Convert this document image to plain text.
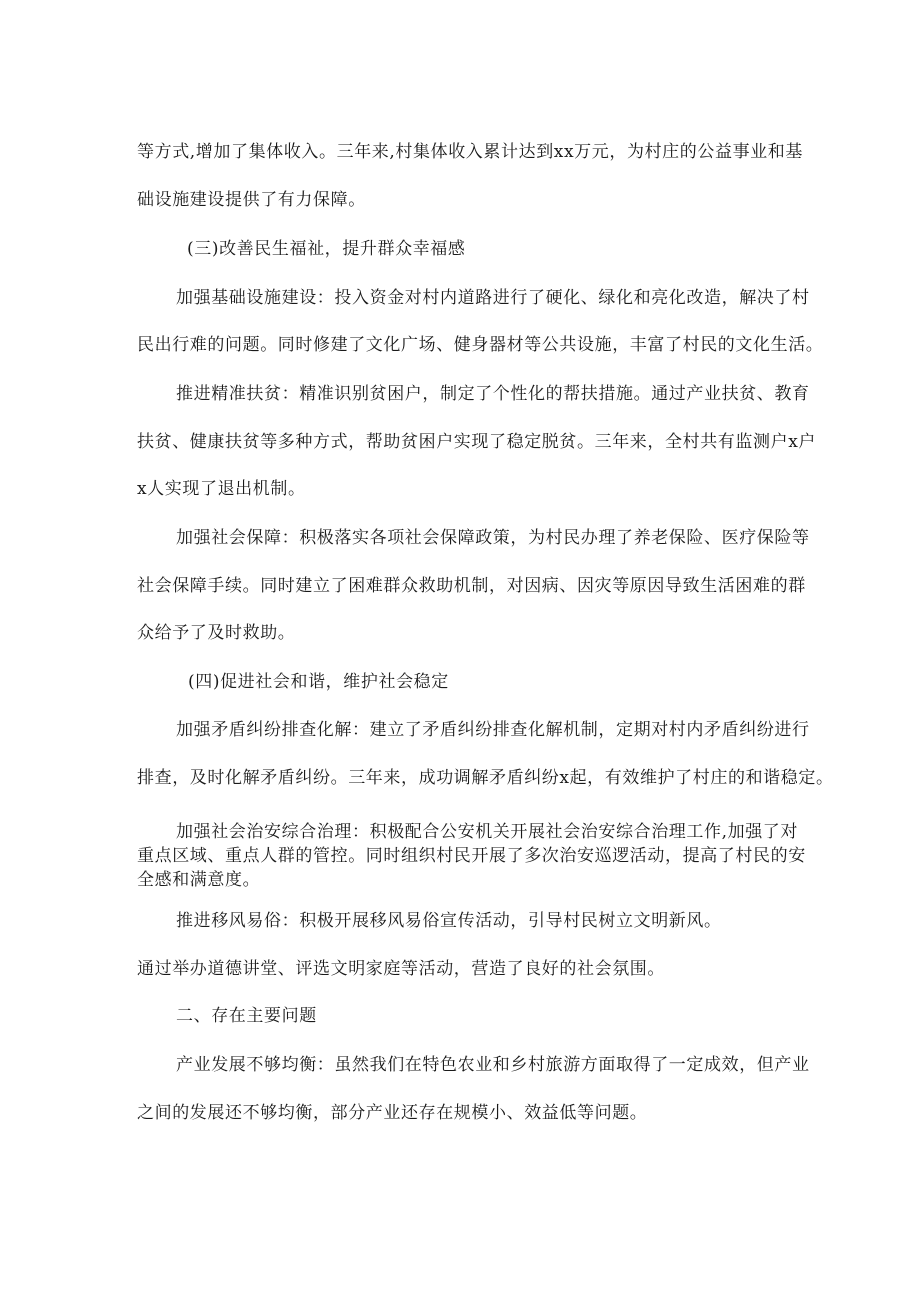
等方式,增加了集体收入。三年来,村集体收入累计达到xx万元，为村庄的公益事业和基
础设施建设提供了有力保障。
(三)改善民生福祉，提升群众幸福感
加强基础设施建设：投入资金对村内道路进行了硬化、绿化和亮化改造，解决了村
民出行难的问题。同时修建了文化广场、健身器材等公共设施，丰富了村民的文化生活。
推进精准扶贫：精准识别贫困户，制定了个性化的帮扶措施。通过产业扶贫、教育
扶贫、健康扶贫等多种方式，帮助贫困户实现了稳定脱贫。三年来，全村共有监测户x户
x人实现了退出机制。
加强社会保障：积极落实各项社会保障政策，为村民办理了养老保险、医疗保险等
社会保障手续。同时建立了困难群众救助机制，对因病、因灾等原因导致生活困难的群
众给予了及时救助。
(四)促进社会和谐，维护社会稳定
加强矛盾纠纷排查化解：建立了矛盾纠纷排查化解机制，定期对村内矛盾纠纷进行
排查，及时化解矛盾纠纷。三年来，成功调解矛盾纠纷x起，有效维护了村庄的和谐稳定。
加强社会治安综合治理：积极配合公安机关开展社会治安综合治理工作,加强了对
重点区域、重点人群的管控。同时组织村民开展了多次治安巡逻活动，提高了村民的安
全感和满意度。
推进移风易俗：积极开展移风易俗宣传活动，引导村民树立文明新风。
通过举办道德讲堂、评选文明家庭等活动，营造了良好的社会氛围。
二、存在主要问题
产业发展不够均衡：虽然我们在特色农业和乡村旅游方面取得了一定成效，但产业
之间的发展还不够均衡，部分产业还存在规模小、效益低等问题。
